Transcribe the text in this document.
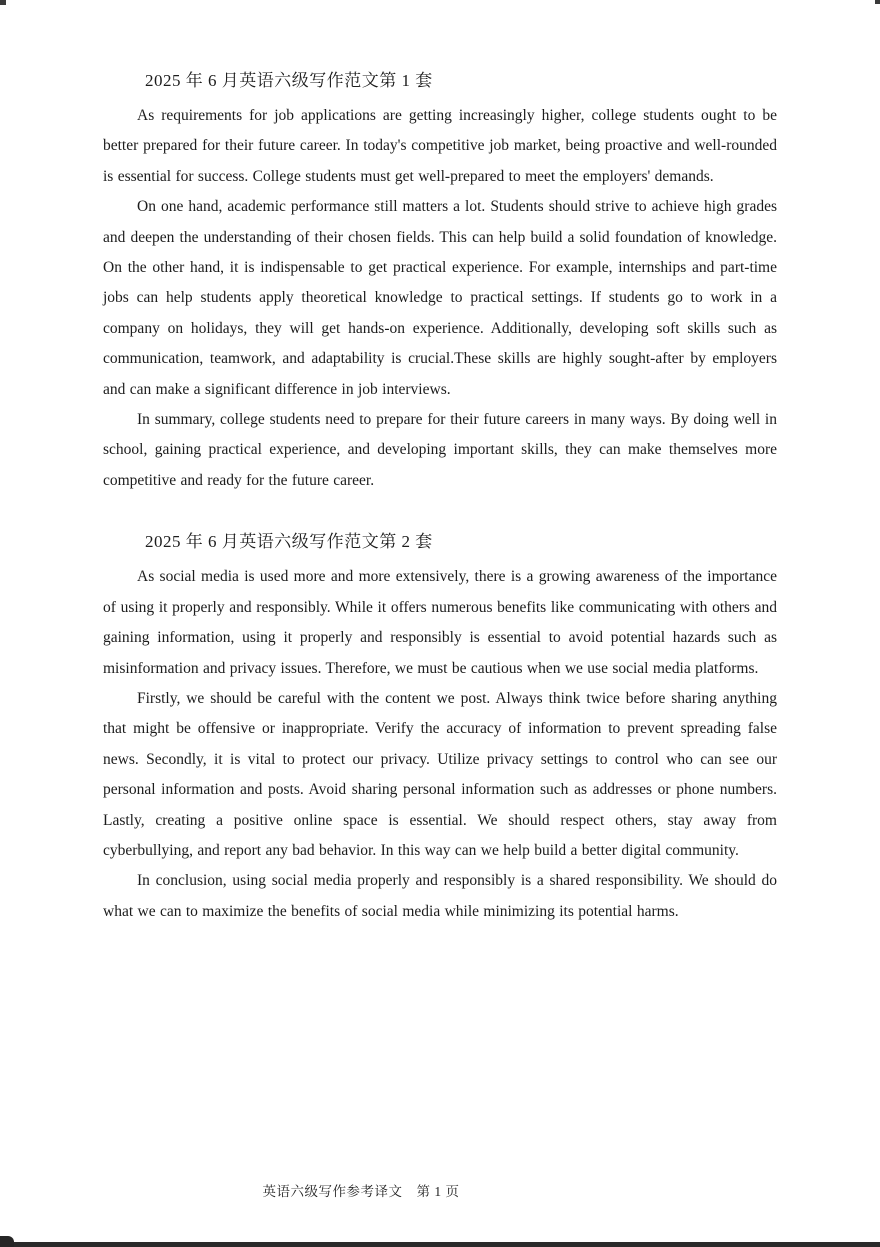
2025 年 6 月英语六级写作范文第 1 套

As requirements for job applications are getting increasingly higher, college students ought to be better prepared for their future career. In today's competitive job market, being proactive and well-rounded is essential for success. College students must get well-prepared to meet the employers' demands.

On one hand, academic performance still matters a lot. Students should strive to achieve high grades and deepen the understanding of their chosen fields. This can help build a solid foundation of knowledge. On the other hand, it is indispensable to get practical experience. For example, internships and part-time jobs can help students apply theoretical knowledge to practical settings. If students go to work in a company on holidays, they will get hands-on experience. Additionally, developing soft skills such as communication, teamwork, and adaptability is crucial.These skills are highly sought-after by employers and can make a significant difference in job interviews.

In summary, college students need to prepare for their future careers in many ways. By doing well in school, gaining practical experience, and developing important skills, they can make themselves more competitive and ready for the future career.

2025 年 6 月英语六级写作范文第 2 套

As social media is used more and more extensively, there is a growing awareness of the importance of using it properly and responsibly. While it offers numerous benefits like communicating with others and gaining information, using it properly and responsibly is essential to avoid potential hazards such as misinformation and privacy issues. Therefore, we must be cautious when we use social media platforms.

Firstly, we should be careful with the content we post. Always think twice before sharing anything that might be offensive or inappropriate. Verify the accuracy of information to prevent spreading false news. Secondly, it is vital to protect our privacy. Utilize privacy settings to control who can see our personal information and posts. Avoid sharing personal information such as addresses or phone numbers. Lastly, creating a positive online space is essential. We should respect others, stay away from cyberbullying, and report any bad behavior. In this way can we help build a better digital community.

In conclusion, using social media properly and responsibly is a shared responsibility. We should do what we can to maximize the benefits of social media while minimizing its potential harms.

英语六级写作参考译文　第 1 页
